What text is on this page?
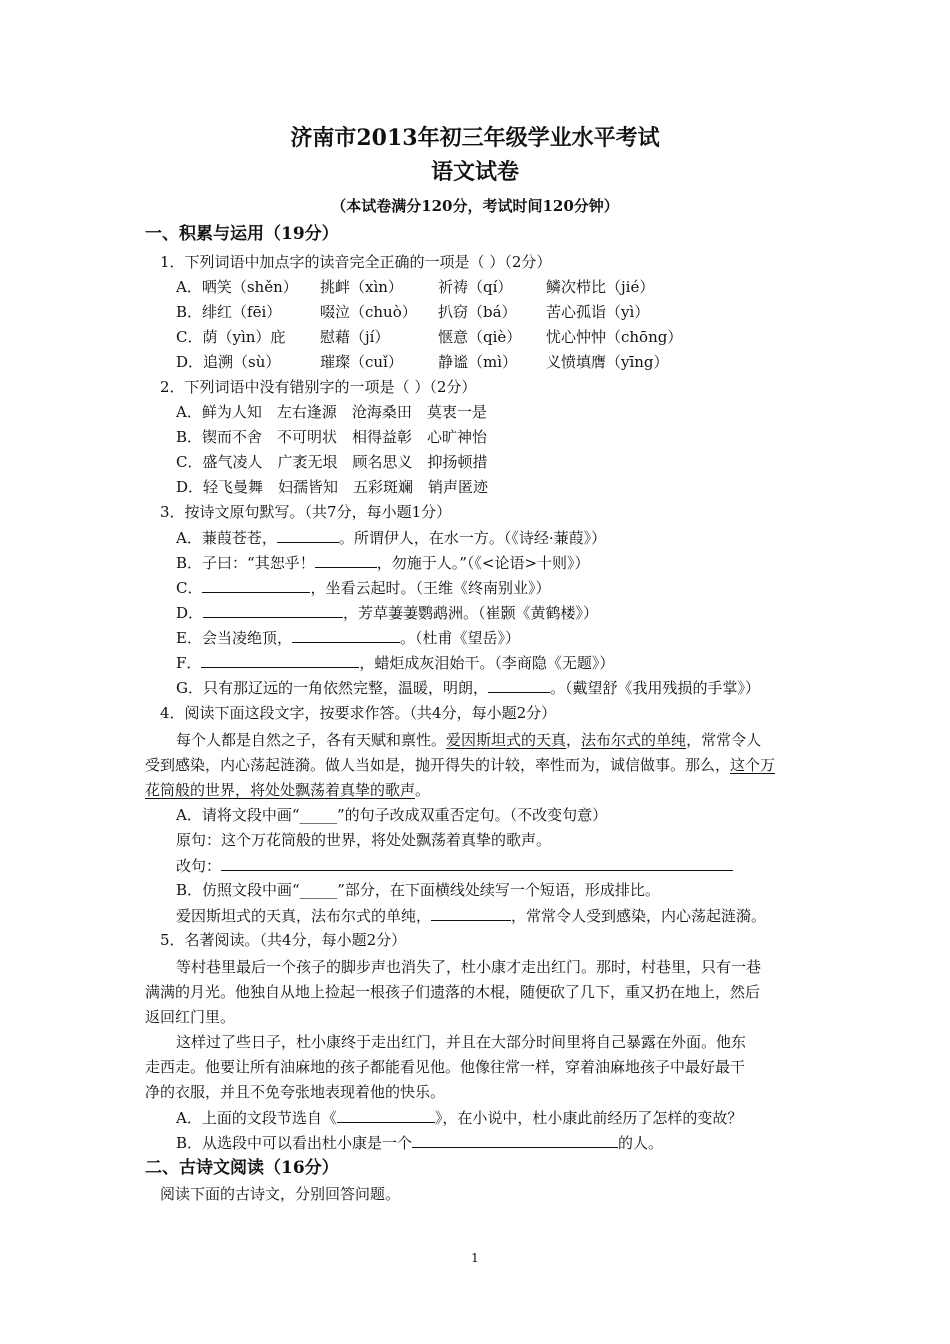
济南市2013年初三年级学业水平考试
语文试卷
（本试卷满分120分，考试时间120分钟）
一、积累与运用（19分）
1．下列词语中加点字的读音完全正确的一项是（ ）（2分）
A．哂笑（shěn） 挑衅（xìn） 祈祷（qí） 鳞次栉比（jié）
B．绯红（fēi）	啜泣（chuò） 扒窃（bá） 苦心孤诣（yì）
C．荫（yìn）庇 慰藉（jí）	惬意（qiè） 忧心忡忡（chōng）
D．追溯（sù）	璀璨（cuǐ） 静谧（mì） 义愤填膺（yīng）
2．下列词语中没有错别字的一项是（ ）（2分）
A．鲜为人知　左右逢源　沧海桑田　莫衷一是
B．锲而不舍　不可明状　相得益彰　心旷神怡
C．盛气凌人　广袤无垠　顾名思义　抑扬顿措
D．轻飞曼舞　妇孺皆知　五彩斑斓　销声匿迹
3．按诗文原句默写。（共7分，每小题1分）
A．蒹葭苍苍，	。所谓伊人，在水一方。（《诗经·蒹葭》）
B．子曰：“其恕乎！	，勿施于人。”（《<论语>十则》）
C．	，坐看云起时。（王维《终南别业》）
D．	，芳草萋萋鹦鹉洲。（崔颢《黄鹤楼》）
E．会当凌绝顶，	。（杜甫《望岳》）
F．	，蜡炬成灰泪始干。（李商隐《无题》）
G．只有那辽远的一角依然完整，温暖，明朗，	。（戴望舒《我用残损的手掌》）
4．阅读下面这段文字，按要求作答。（共4分，每小题2分）
每个人都是自然之子，各有天赋和禀性。爱因斯坦式的天真，法布尔式的单纯，常常令人
受到感染，内心荡起涟漪。做人当如是，抛开得失的计较，率性而为，诚信做事。那么，这个万
花筒般的世界，将处处飘荡着真挚的歌声。
A．请将文段中画“_____”的句子改成双重否定句。（不改变句意）
原句：这个万花筒般的世界，将处处飘荡着真挚的歌声。
改句：
B．仿照文段中画“_____”部分，在下面横线处续写一个短语，形成排比。
爱因斯坦式的天真，法布尔式的单纯，	，常常令人受到感染，内心荡起涟漪。
5．名著阅读。（共4分，每小题2分）
等村巷里最后一个孩子的脚步声也消失了，杜小康才走出红门。那时，村巷里，只有一巷
满满的月光。他独自从地上捡起一根孩子们遗落的木棍，随便砍了几下，重又扔在地上，然后
返回红门里。
这样过了些日子，杜小康终于走出红门，并且在大部分时间里将自己暴露在外面。他东
走西走。他要让所有油麻地的孩子都能看见他。他像往常一样，穿着油麻地孩子中最好最干
净的衣服，并且不免夸张地表现着他的快乐。
A．上面的文段节选自《	》，在小说中，杜小康此前经历了怎样的变故？
B．从选段中可以看出杜小康是一个	的人。
二、古诗文阅读（16分）
阅读下面的古诗文，分别回答问题。
1
